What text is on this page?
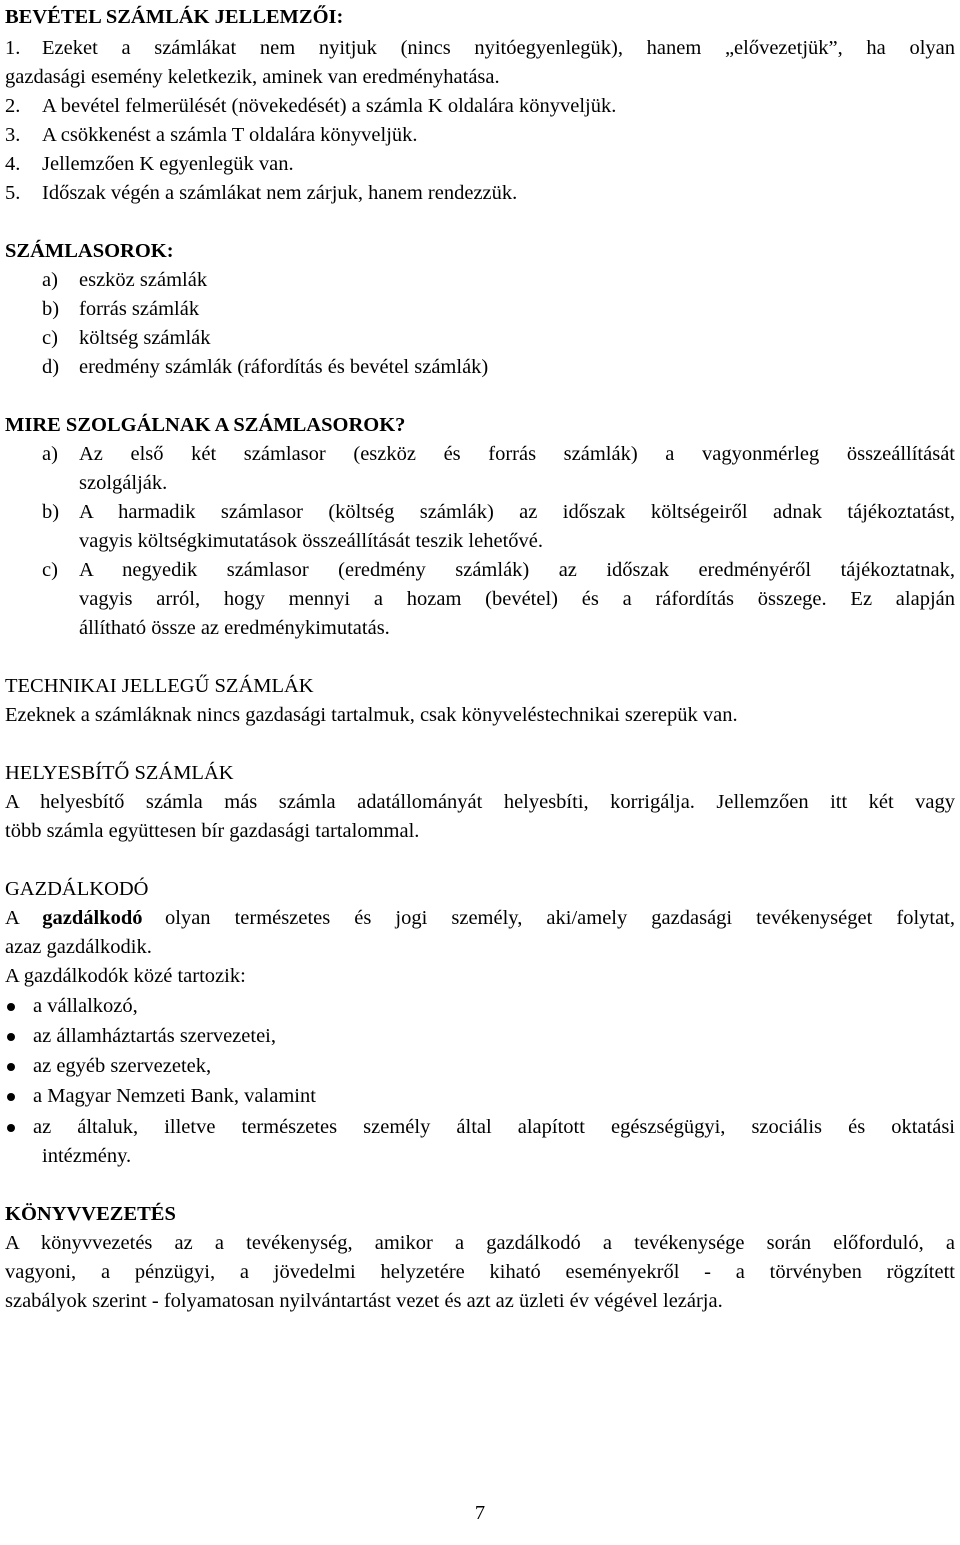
BEVÉTEL SZÁMLÁK JELLEMZŐI:
1. Ezeket a számlákat nem nyitjuk (nincs nyitóegyenlegük), hanem „elővezetjük”, ha olyan
gazdasági esemény keletkezik, aminek van eredményhatása.
2. A bevétel felmerülését (növekedését) a számla K oldalára könyveljük.
3. A csökkenést a számla T oldalára könyveljük.
4. Jellemzően K egyenlegük van.
5. Időszak végén a számlákat nem zárjuk, hanem rendezzük.
SZÁMLASOROK:
a) eszköz számlák
b) forrás számlák
c) költség számlák
d) eredmény számlák (ráfordítás és bevétel számlák)
MIRE SZOLGÁLNAK A SZÁMLASOROK?
a) Az első két számlasor (eszköz és forrás számlák) a vagyonmérleg összeállítását
szolgálják.
b) A harmadik számlasor (költség számlák) az időszak költségeiről adnak tájékoztatást,
vagyis költségkimutatások összeállítását teszik lehetővé.
c) A negyedik számlasor (eredmény számlák) az időszak eredményéről tájékoztatnak,
vagyis arról, hogy mennyi a hozam (bevétel) és a ráfordítás összege. Ez alapján
állítható össze az eredménykimutatás.
TECHNIKAI JELLEGŰ SZÁMLÁK
Ezeknek a számláknak nincs gazdasági tartalmuk, csak könyveléstechnikai szerepük van.
HELYESBÍTŐ SZÁMLÁK
A helyesbítő számla más számla adatállományát helyesbíti, korrigálja. Jellemzően itt két vagy
több számla együttesen bír gazdasági tartalommal.
GAZDÁLKODÓ
A gazdálkodó olyan természetes és jogi személy, aki/amely gazdasági tevékenységet folytat,
azaz gazdálkodik.
A gazdálkodók közé tartozik:
a vállalkozó,
az államháztartás szervezetei,
az egyéb szervezetek,
a Magyar Nemzeti Bank, valamint
az általuk, illetve természetes személy által alapított egészségügyi, szociális és oktatási
intézmény.
KÖNYVVEZETÉS
A könyvvezetés az a tevékenység, amikor a gazdálkodó a tevékenysége során előforduló, a
vagyoni, a pénzügyi, a jövedelmi helyzetére kiható eseményekről - a törvényben rögzített
szabályok szerint - folyamatosan nyilvántartást vezet és azt az üzleti év végével lezárja.
7
